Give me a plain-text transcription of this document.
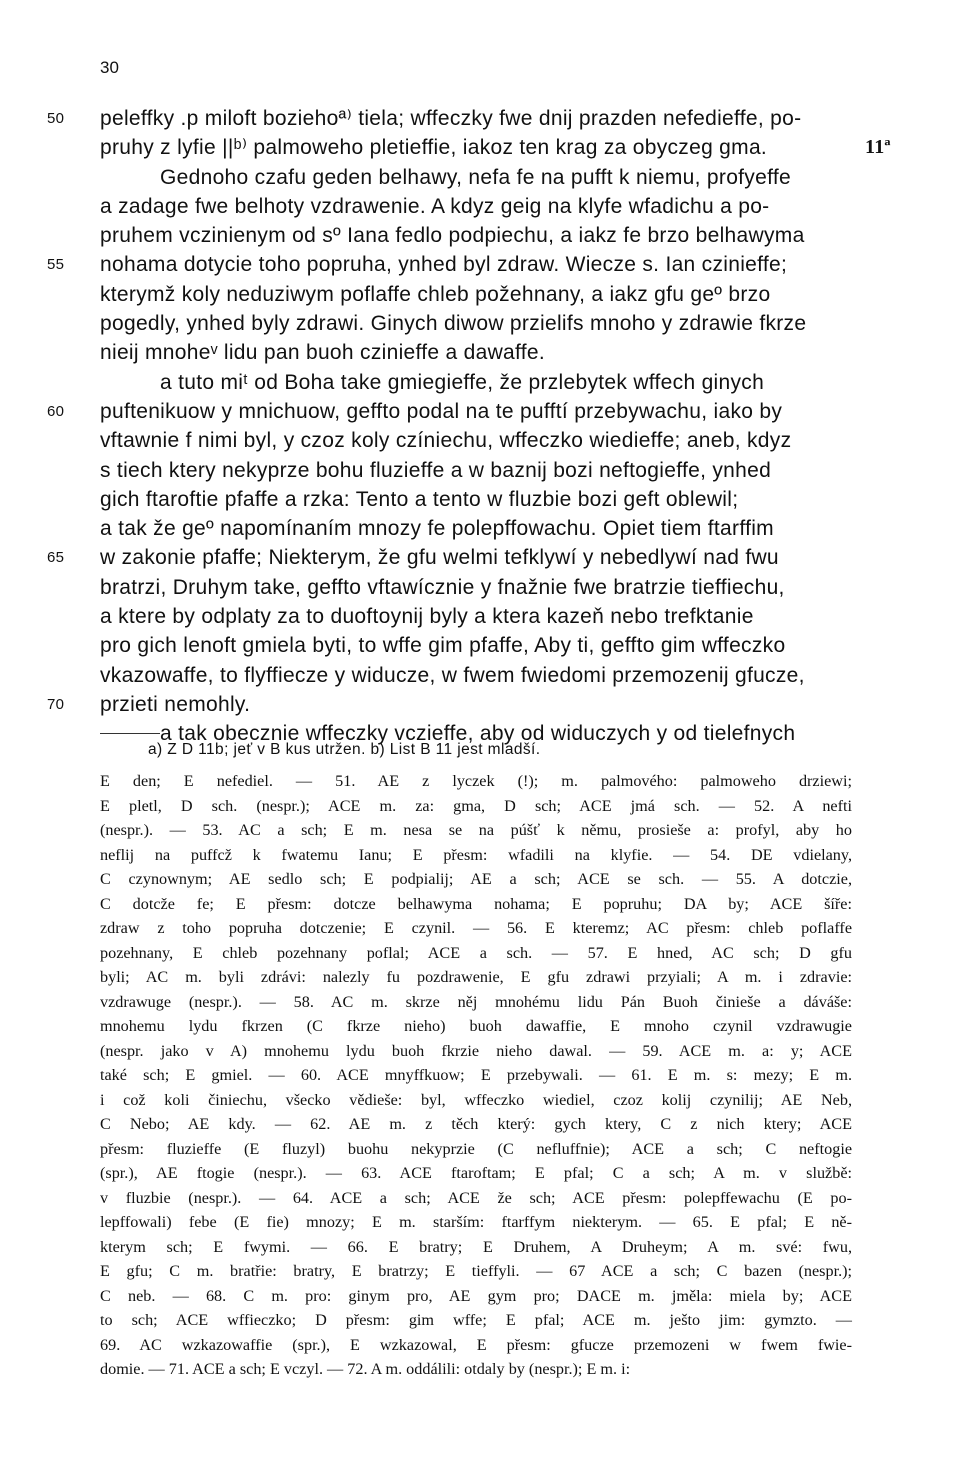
30
11ª
50	peleffky .p miloft boziehoª⁾ tiela; wffeczky fwe dnij prazden nefedieffe, po-
pruhy z lyfie ||ᵇ⁾ palmoweho pletieffie, iakoz ten krag za obyczeg gma.
Gednoho czafu geden belhawy, nefa fe na pufft k niemu, profyeffe
a zadage fwe belhoty vzdrawenie. A kdyz geig na klyfe wfadichu a po-
pruhem vczinienym od sº Iana fedlo podpiechu, a iakz fe brzo belhawyma
55	nohama dotycie toho popruha, ynhed byl zdraw. Wiecze s. Ian czinieffe;
kterymž koly neduziwym poflaffe chleb požehnany, a iakz gfu geº brzo
pogedly, ynhed byly zdrawi. Ginych diwow przielifs mnoho y zdrawie fkrze
nieij mnoheᵛ lidu pan buoh czinieffe a dawaffe.
a tuto miᵗ od Boha take gmiegieffe, že przlebytek wffech ginych
60	puftenikuow y mnichuow, geffto podal na te pufftí przebywachu, iako by
vftawnie f nimi byl, y czoz koly czíniechu, wffeczko wiedieffe; aneb, kdyz
s tiech ktery nekyprze bohu fluzieffe a w baznij bozi neftogieffe, ynhed
gich ftaroftie pfaffe a rzka: Tento a tento w fluzbie bozi geft oblewil;
a tak že geº napomínaním mnozy fe polepffowachu. Opiet tiem ftarffim
65	w zakonie pfaffe; Niekterym, že gfu welmi tefklywí y nebedlywí nad fwu
bratrzi, Druhym take, geffto vftawícznie y fnažnie fwe bratrzie tieffiechu,
a ktere by odplaty za to duoftoynij byly a ktera kazeň nebo trefktanie
pro gich lenoft gmiela byti, to wffe gim pfaffe, Aby ti, geffto gim wffeczko
vkazowaffe, to flyffiecze y widucze, w fwem fwiedomi przemozenij gfucze,
70	przieti nemohly.
a tak obecznie wffeczky vczieffe, aby od widuczych y od tielefnych
a) Z D 11b; jeť v B kus utržen. b) List B 11 jest mladší.
E den; E nefediel. — 51. AE z lyczek (!); m. palmového: palmoweho drziewi;
E pletl, D sch. (nespr.); ACE m. za: gma, D sch; ACE jmá sch. — 52. A nefti
(nespr.). — 53. AC a sch; E m. nesa se na púšť k němu, prosieše a: profyl, aby ho
neflij na puffcž k fwatemu Ianu; E přesm: wfadili na klyfie. — 54. DE vdielany,
C czynownym; AE sedlo sch; E podpialij; AE a sch; ACE se sch. — 55. A dotczie,
C dotcže fe; E přesm: dotcze belhawyma nohama; E popruhu; DA by; ACE šíře:
zdraw z toho popruha dotczenie; E czynil. — 56. E kteremz; AC přesm: chleb poflaffe
pozehnany, E chleb pozehnany poflal; ACE a sch. — 57. E hned, AC sch; D gfu
byli; AC m. byli zdrávi: nalezly fu pozdrawenie, E gfu zdrawi przyiali; A m. i zdravie:
vzdrawuge (nespr.). — 58. AC m. skrze něj mnohému lidu Pán Buoh činieše a dáváše:
mnohemu lydu fkrzen (C fkrze nieho) buoh dawaffie, E mnoho czynil vzdrawugie
(nespr. jako v A) mnohemu lydu buoh fkrzie nieho dawal. — 59. ACE m. a: y; ACE
také sch; E gmiel. — 60. ACE mnyffkuow; E przebywali. — 61. E m. s: mezy; E m.
i což koli činiechu, všecko vědieše: byl, wffeczko wiediel, czoz kolij czynilij; AE Neb,
C Nebo; AE kdy. — 62. AE m. z těch který: gych ktery, C z nich ktery; ACE
přesm: fluzieffe (E fluzyl) buohu nekyprzie (C nefluffnie); ACE a sch; C neftogie
(spr.), AE ftogie (nespr.). — 63. ACE ftaroftam; E pfal; C a sch; A m. v službě:
v fluzbie (nespr.). — 64. ACE a sch; ACE že sch; ACE přesm: polepffewachu (E po-
lepffowali) febe (E fie) mnozy; E m. starším: ftarffym niekterym. — 65. E pfal; E ně-
kterym sch; E fwymi. — 66. E bratry; E Druhem, A Druheym; A m. své: fwu,
E gfu; C m. bratřie: bratry, E bratrzy; E tieffyli. — 67 ACE a sch; C bazen (nespr.);
C neb. — 68. C m. pro: ginym pro, AE gym pro; DACE m. jměla: miela by; ACE
to sch; ACE wffieczko; D přesm: gim wffe; E pfal; ACE m. ješto jim: gymzto. —
69. AC wzkazowaffie (spr.), E wzkazowal, E přesm: gfucze przemozeni w fwem fwie-
domie. — 71. ACE a sch; E vczyl. — 72. A m. oddálili: otdaly by (nespr.); E m. i:
